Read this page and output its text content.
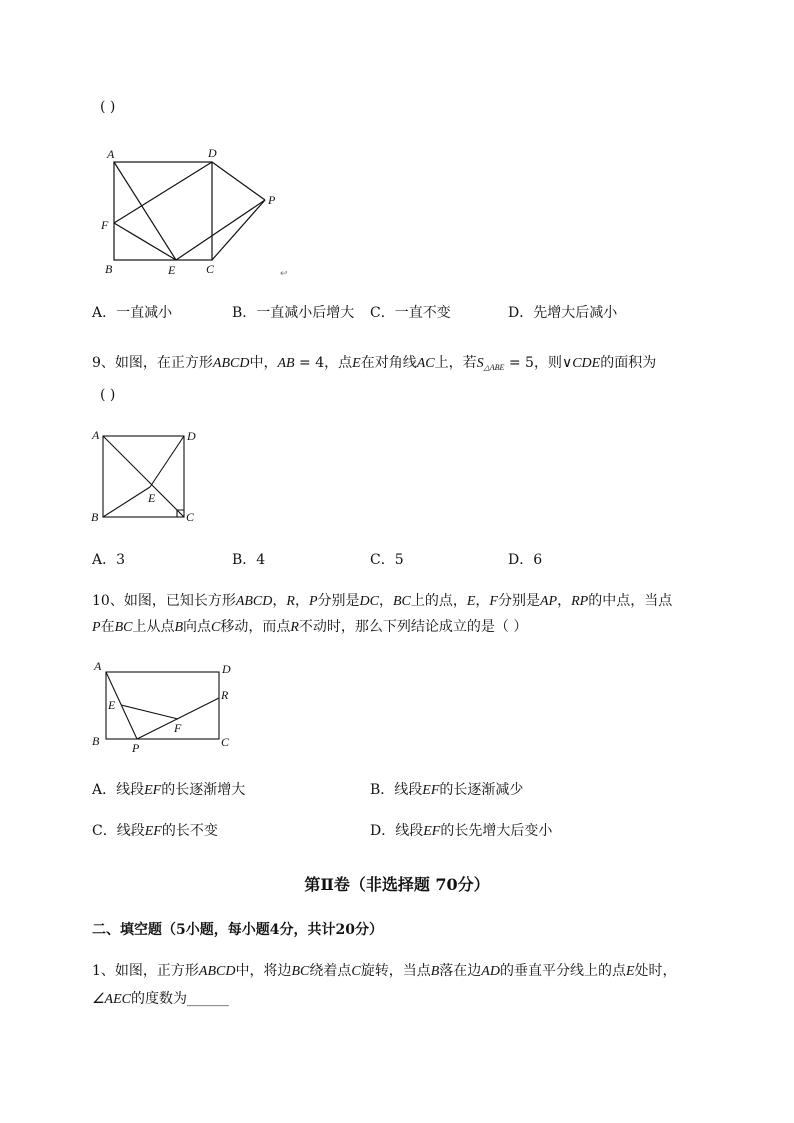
( )
A	D
P
F
B	E	C	↩
A．一直减小	B．一直减小后增大 C．一直不变	D．先增大后减小
9、如图，在正方形ABCD中，AB = 4，点E在对角线AC上，若$S_{\triangle ABE} = 5$，则∨CDE的面积为
( )
A	D
E
B	C
A．3	B．4	C．5	D．6
10、如图，已知长方形ABCD，R，P分别是DC，BC上的点，E，F分别是AP，RP的中点，当点
P在BC上从点B向点C移动，而点R不动时，那么下列结论成立的是（ ）
A	D
R
E
F
B	P	C
A．线段EF的长逐渐增大	B．线段EF的长逐渐减少
C．线段EF的长不变	D．线段EF的长先增大后变小
第Ⅱ卷（非选择题 70分）
二、填空题（5小题，每小题4分，共计20分）
1、如图，正方形ABCD中，将边BC绕着点C旋转，当点B落在边AD的垂直平分线上的点E处时，
∠AEC的度数为______
